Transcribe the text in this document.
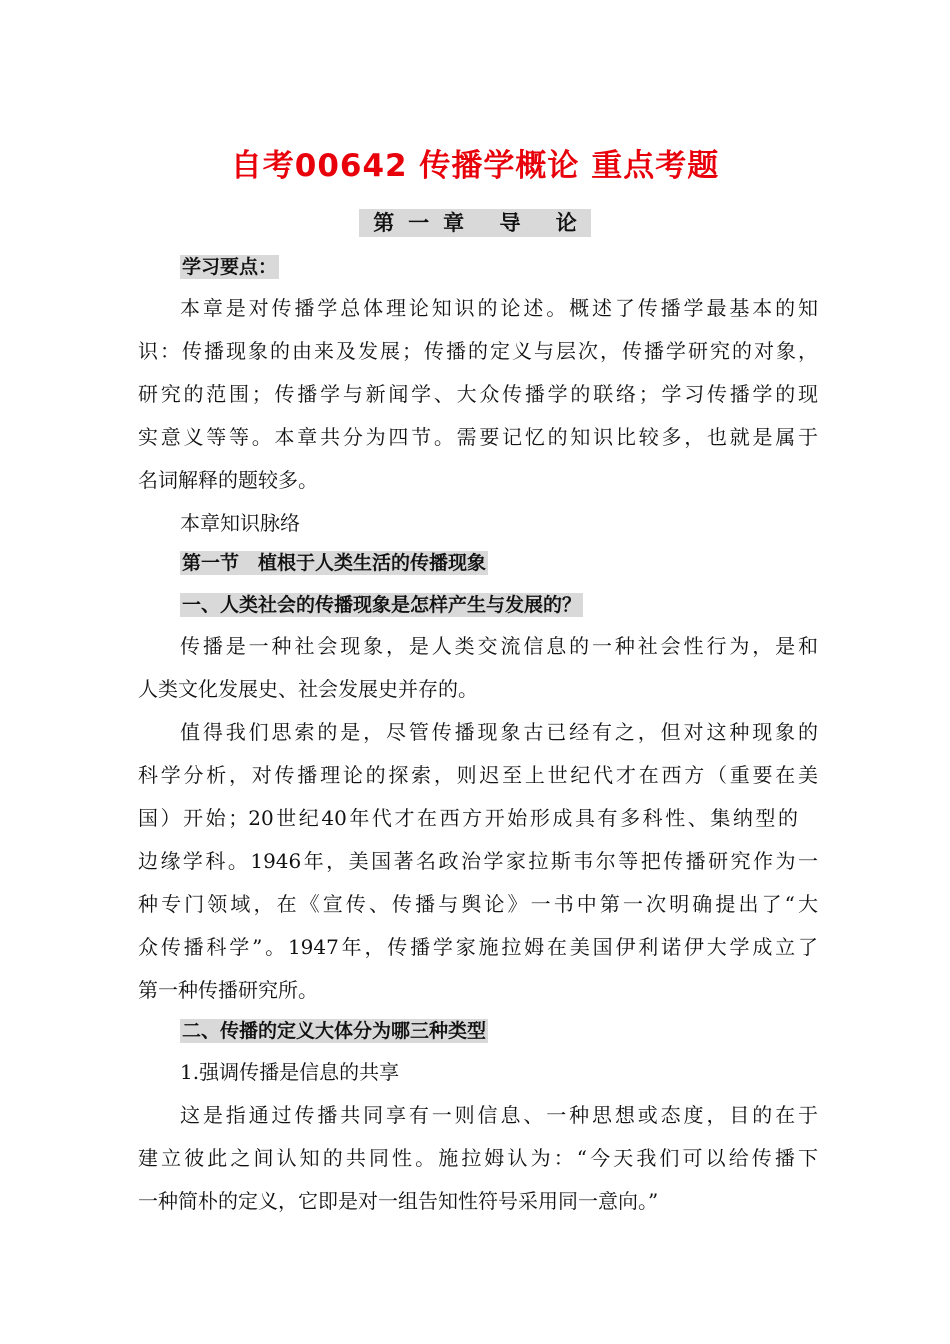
自考00642 传播学概论 重点考题
第一章 导 论
学习要点：
本章是对传播学总体理论知识的论述。概述了传播学最基本的知
识：传播现象的由来及发展；传播的定义与层次，传播学研究的对象，
研究的范围；传播学与新闻学、大众传播学的联络；学习传播学的现
实意义等等。本章共分为四节。需要记忆的知识比较多，也就是属于
名词解释的题较多。
本章知识脉络
第一节　植根于人类生活的传播现象
一、人类社会的传播现象是怎样产生与发展的？
传播是一种社会现象，是人类交流信息的一种社会性行为，是和
人类文化发展史、社会发展史并存的。
值得我们思索的是，尽管传播现象古已经有之，但对这种现象的
科学分析，对传播理论的探索，则迟至上世纪代才在西方（重要在美
国）开始；20世纪40年代才在西方开始形成具有多科性、集纳型的
边缘学科。1946年，美国著名政治学家拉斯韦尔等把传播研究作为一
种专门领域，在《宣传、传播与舆论》一书中第一次明确提出了“大
众传播科学”。1947年，传播学家施拉姆在美国伊利诺伊大学成立了
第一种传播研究所。
二、传播的定义大体分为哪三种类型
1.强调传播是信息的共享
这是指通过传播共同享有一则信息、一种思想或态度，目的在于
建立彼此之间认知的共同性。施拉姆认为：“今天我们可以给传播下
一种简朴的定义，它即是对一组告知性符号采用同一意向。”
